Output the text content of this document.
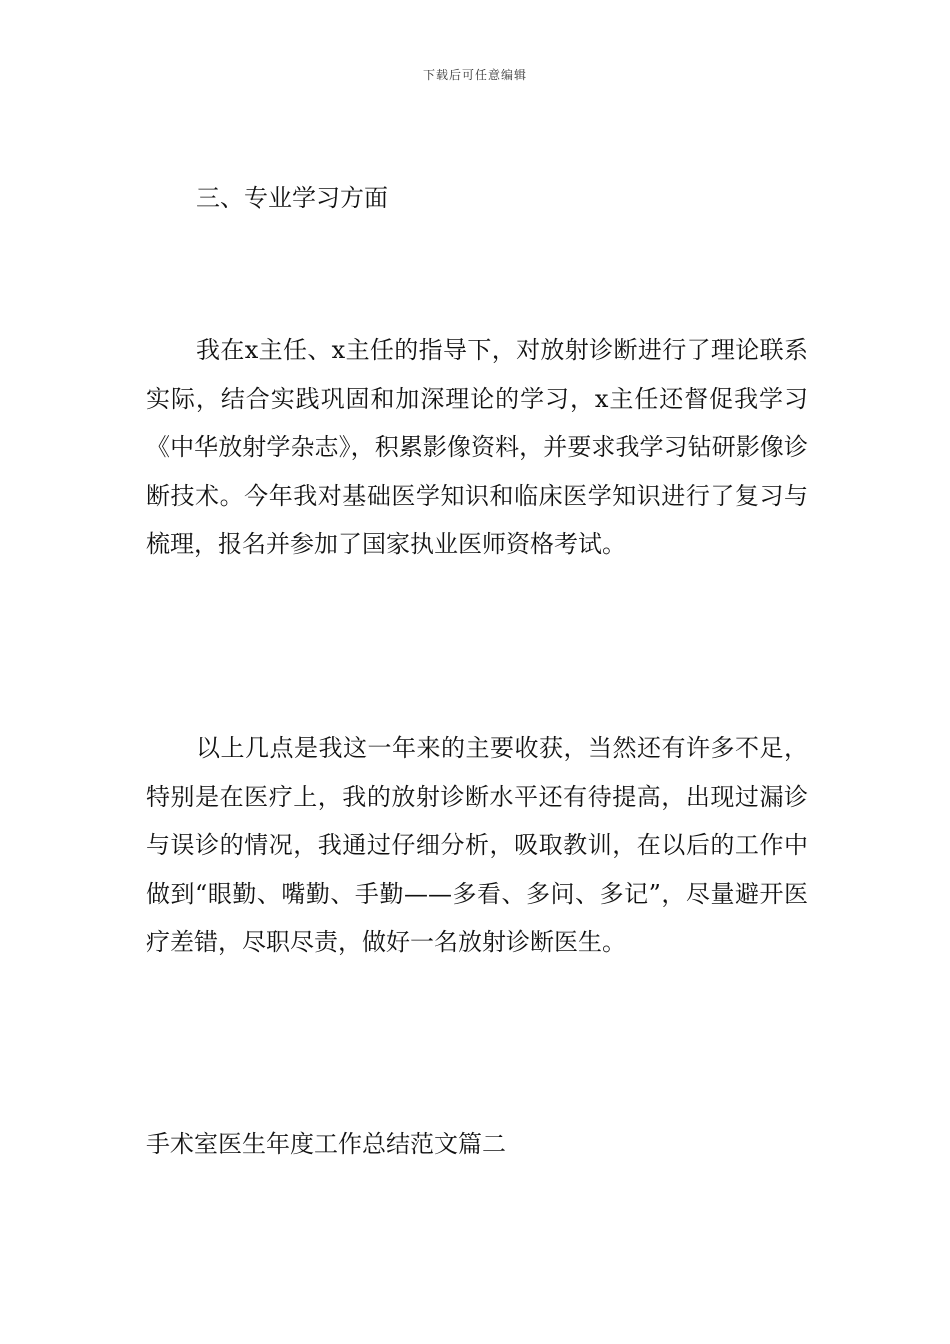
下载后可任意编辑

三、专业学习方面

我在x主任、x主任的指导下，对放射诊断进行了理论联系实际，结合实践巩固和加深理论的学习，x主任还督促我学习《中华放射学杂志》，积累影像资料，并要求我学习钻研影像诊断技术。今年我对基础医学知识和临床医学知识进行了复习与梳理，报名并参加了国家执业医师资格考试。

以上几点是我这一年来的主要收获，当然还有许多不足，特别是在医疗上，我的放射诊断水平还有待提高，出现过漏诊与误诊的情况，我通过仔细分析，吸取教训，在以后的工作中做到“眼勤、嘴勤、手勤——多看、多问、多记”，尽量避开医疗差错，尽职尽责，做好一名放射诊断医生。

手术室医生年度工作总结范文篇二
